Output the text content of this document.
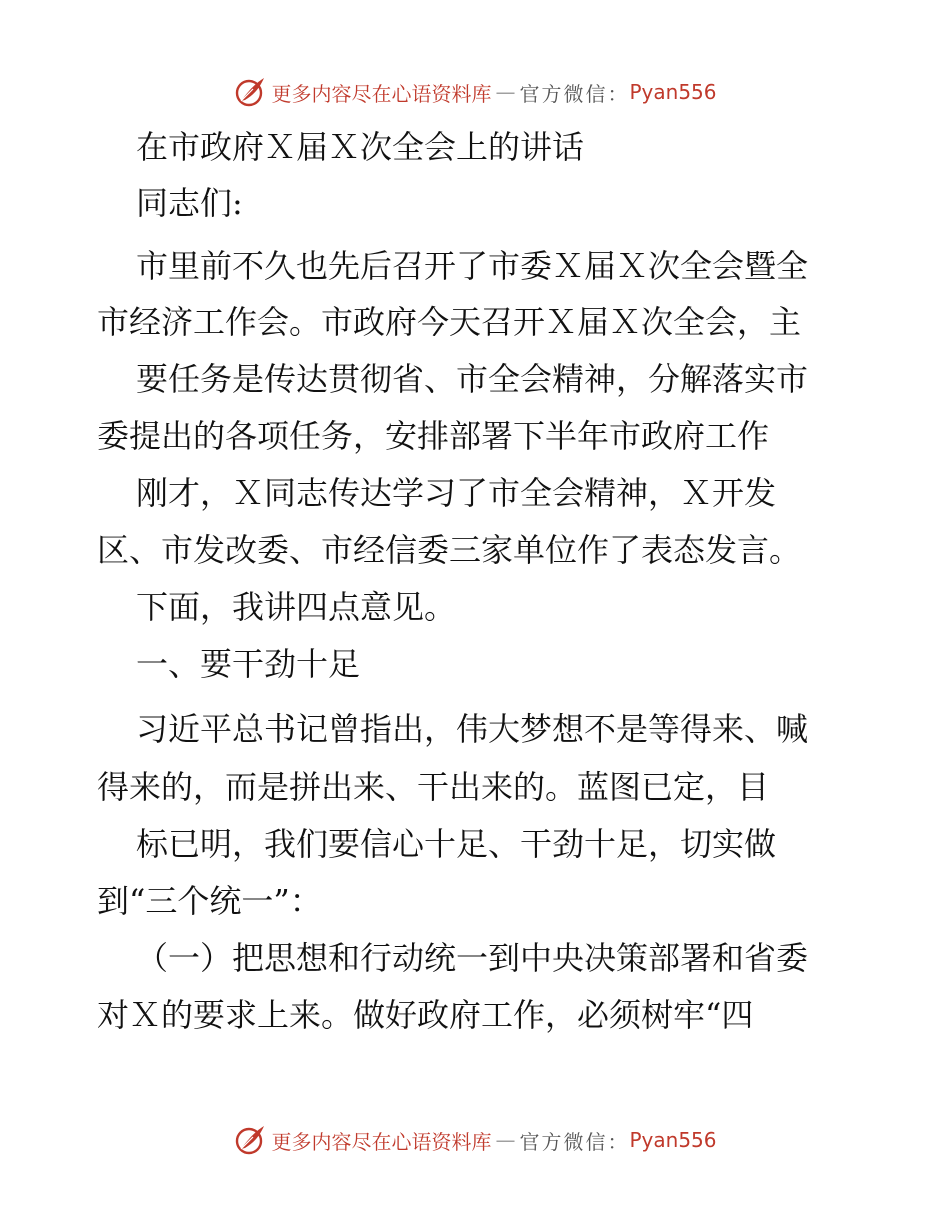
更多内容尽在心语资料库 — 官方微信： Pyan556
在市政府Ｘ届Ｘ次全会上的讲话
同志们:
市里前不久也先后召开了市委Ｘ届Ｘ次全会暨全
市经济工作会。市政府今天召开Ｘ届Ｘ次全会，主
要任务是传达贯彻省、市全会精神，分解落实市
委提出的各项任务，安排部署下半年市政府工作
刚才，Ｘ同志传达学习了市全会精神，Ｘ开发
区、市发改委、市经信委三家单位作了表态发言。
下面，我讲四点意见。
一、要干劲十足
习近平总书记曾指出，伟大梦想不是等得来、喊
得来的，而是拼出来、干出来的。蓝图已定，目
标已明，我们要信心十足、干劲十足，切实做
到“三个统一”：
（一）把思想和行动统一到中央决策部署和省委
对Ｘ的要求上来。做好政府工作，必须树牢“四
更多内容尽在心语资料库 — 官方微信： Pyan556
